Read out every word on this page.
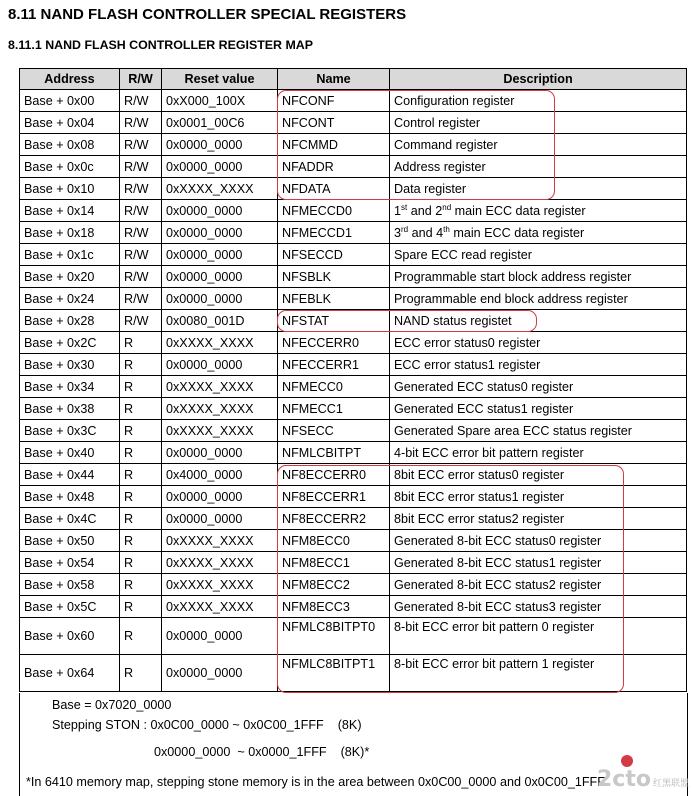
8.11 NAND FLASH CONTROLLER SPECIAL REGISTERS
8.11.1 NAND FLASH CONTROLLER REGISTER MAP
Address	R/W	Reset value	Name	Description
Base + 0x00	R/W	0xX000_100X	NFCONF	Configuration register
Base + 0x04	R/W	0x0001_00C6	NFCONT	Control register
Base + 0x08	R/W	0x0000_0000	NFCMMD	Command register
Base + 0x0c	R/W	0x0000_0000	NFADDR	Address register
Base + 0x10	R/W	0xXXXX_XXXX	NFDATA	Data register
Base + 0x14	R/W	0x0000_0000	NFMECCD0	1st and 2nd main ECC data register
Base + 0x18	R/W	0x0000_0000	NFMECCD1	3rd and 4th main ECC data register
Base + 0x1c	R/W	0x0000_0000	NFSECCD	Spare ECC read register
Base + 0x20	R/W	0x0000_0000	NFSBLK	Programmable start block address register
Base + 0x24	R/W	0x0000_0000	NFEBLK	Programmable end block address register
Base + 0x28	R/W	0x0080_001D	NFSTAT	NAND status registet
Base + 0x2C	R	0xXXXX_XXXX	NFECCERR0	ECC error status0 register
Base + 0x30	R	0x0000_0000	NFECCERR1	ECC error status1 register
Base + 0x34	R	0xXXXX_XXXX	NFMECC0	Generated ECC status0 register
Base + 0x38	R	0xXXXX_XXXX	NFMECC1	Generated ECC status1 register
Base + 0x3C	R	0xXXXX_XXXX	NFSECC	Generated Spare area ECC status register
Base + 0x40	R	0x0000_0000	NFMLCBITPT	4-bit ECC error bit pattern register
Base + 0x44	R	0x4000_0000	NF8ECCERR0	8bit ECC error status0 register
Base + 0x48	R	0x0000_0000	NF8ECCERR1	8bit ECC error status1 register
Base + 0x4C	R	0x0000_0000	NF8ECCERR2	8bit ECC error status2 register
Base + 0x50	R	0xXXXX_XXXX	NFM8ECC0	Generated 8-bit ECC status0 register
Base + 0x54	R	0xXXXX_XXXX	NFM8ECC1	Generated 8-bit ECC status1 register
Base + 0x58	R	0xXXXX_XXXX	NFM8ECC2	Generated 8-bit ECC status2 register
Base + 0x5C	R	0xXXXX_XXXX	NFM8ECC3	Generated 8-bit ECC status3 register
Base + 0x60	R	0x0000_0000	NFMLC8BITPT0	8-bit ECC error bit pattern 0 register
Base + 0x64	R	0x0000_0000	NFMLC8BITPT1	8-bit ECC error bit pattern 1 register
Base = 0x7020_0000
Stepping STON : 0x0C00_0000 ~ 0x0C00_1FFF    (8K)
0x0000_0000  ~ 0x0000_1FFF    (8K)*
*In 6410 memory map, stepping stone memory is in the area between 0x0C00_0000 and 0x0C00_1FFF.
2cto 红黑联盟
